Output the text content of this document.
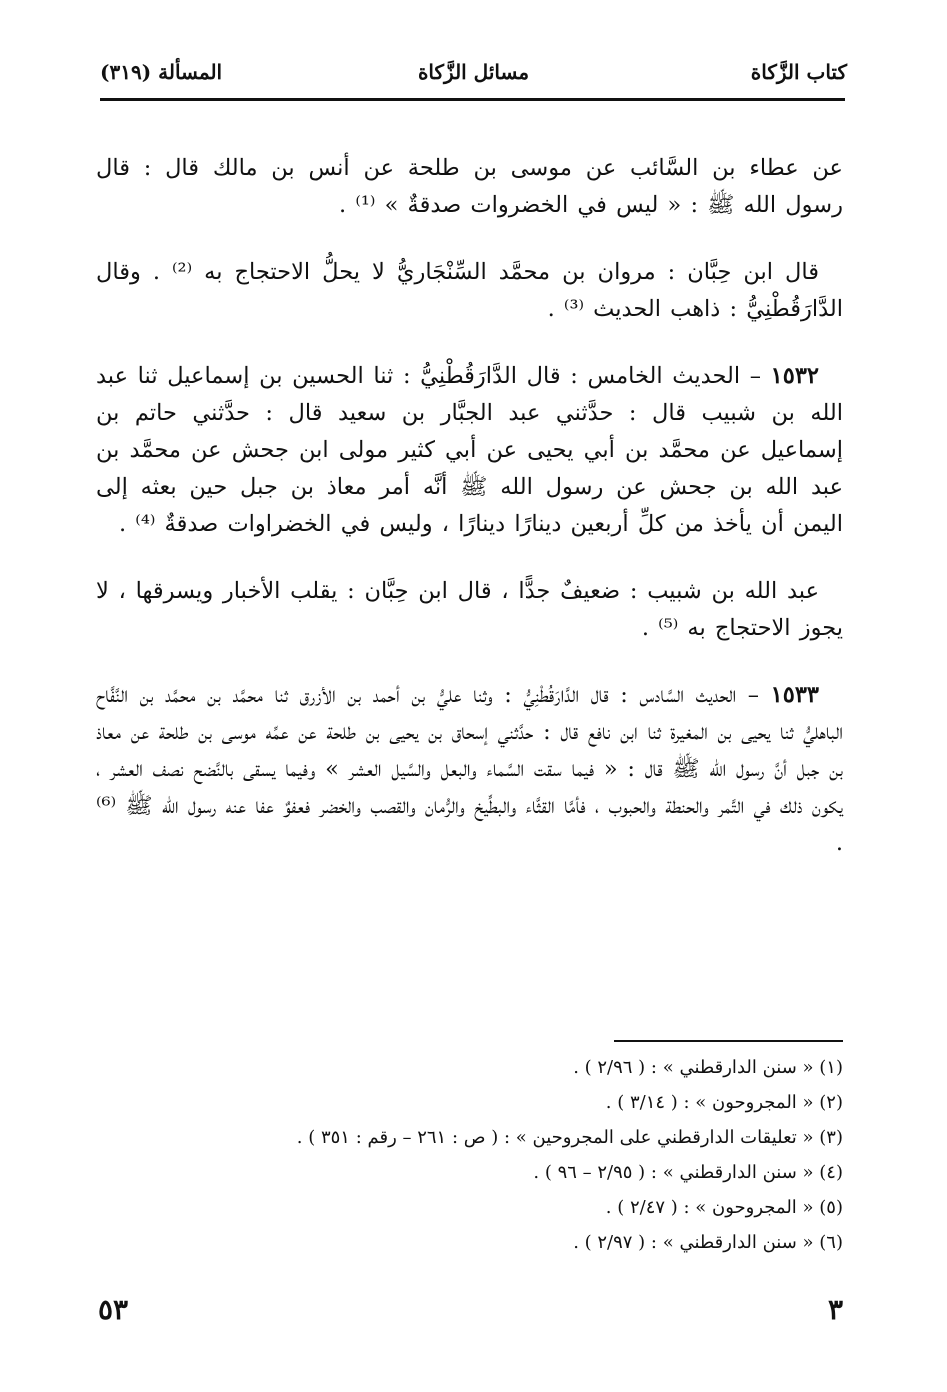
كتاب الزَّكاة
مسائل الزَّكاة
المسألة (٣١٩)

عن عطاء بن السَّائب عن موسى بن طلحة عن أنس بن مالك قال : قال رسول الله ﷺ : « ليس في الخضروات صدقةٌ » ⁽¹⁾ .

قال ابن حِبَّان : مروان بن محمَّد السِّنْجَاريُّ لا يحلُّ الاحتجاج به ⁽²⁾ . وقال الدَّارَقُطْنِيُّ : ذاهب الحديث ⁽³⁾ .

١٥٣٢ – الحديث الخامس : قال الدَّارَقُطْنِيُّ : ثنا الحسين بن إسماعيل ثنا عبد الله بن شبيب قال : حدَّثني عبد الجبَّار بن سعيد قال : حدَّثني حاتم بن إسماعيل عن محمَّد بن أبي يحيى عن أبي كثير مولى ابن جحش عن محمَّد بن عبد الله بن جحش عن رسول الله ﷺ أنَّه أمر معاذ بن جبل حين بعثه إلى اليمن أن يأخذ من كلِّ أربعين دينارًا دينارًا ، وليس في الخضراوات صدقةٌ ⁽⁴⁾ .

عبد الله بن شبيب : ضعيفٌ جدًّا ، قال ابن حِبَّان : يقلب الأخبار ويسرقها ، لا يجوز الاحتجاج به ⁽⁵⁾ .

١٥٣٣ – الحديث السَّادس : قال الدَّارَقُطْنِيُّ : وثنا عليُّ بن أحمد بن الأزرق ثنا محمَّد بن محمَّد بن النَّفَّاح الباهليُّ ثنا يحيى بن المغيرة ثنا ابن نافع قال : حدَّثني إسحاق بن يحيى بن طلحة عن عمِّه موسى بن طلحة عن معاذ بن جبل أنَّ رسول الله ﷺ قال : « فيما سقت السَّماء والبعل والسَّيل العشر » وفيما يسقى بالنَّضح نصف العشر ، يكون ذلك في التَّمر والحنطة والحبوب ، فأمَّا القثَّاء والبطِّيخ والرُّمان والقصب والخضر فعفوٌ عفا عنه رسول الله ﷺ ⁽⁶⁾ .

(١) « سنن الدارقطني » : ( ٢/٩٦ ) .
(٢) « المجروحون » : ( ٣/١٤ ) .
(٣) « تعليقات الدارقطني على المجروحين » : ( ص : ٢٦١ – رقم : ٣٥١ ) .
(٤) « سنن الدارقطني » : ( ٢/٩٥ – ٩٦ ) .
(٥) « المجروحون » : ( ٢/٤٧ ) .
(٦) « سنن الدارقطني » : ( ٢/٩٧ ) .
٣
٥٣
